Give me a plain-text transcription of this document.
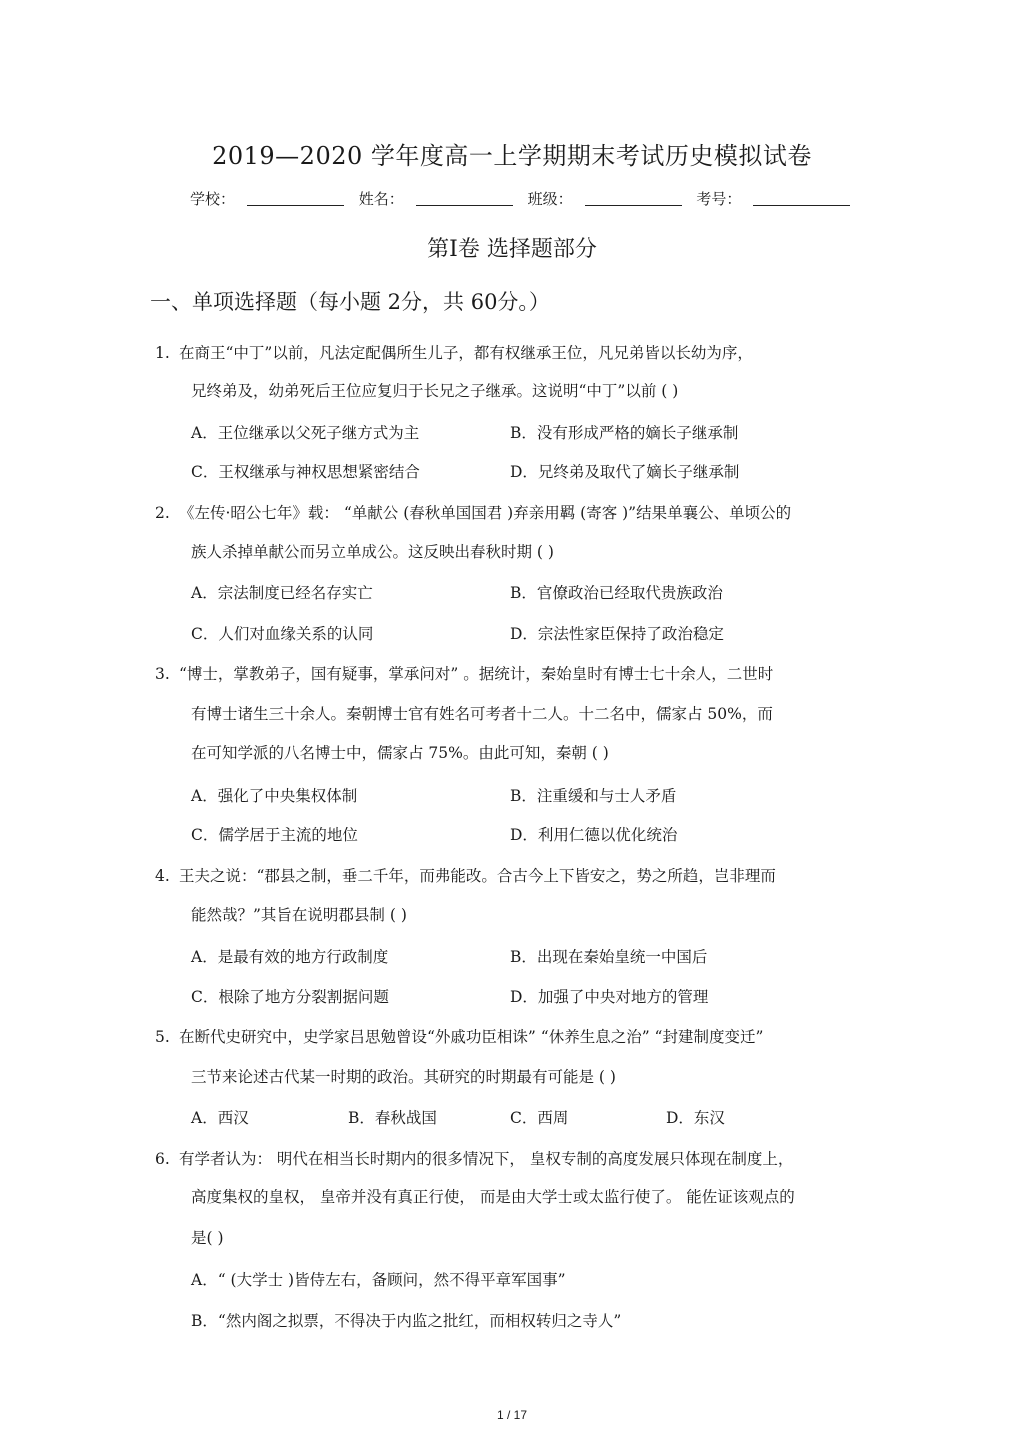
2019—2020 学年度高一上学期期末考试历史模拟试卷
学校：	姓名：	班级：	考号：
第Ⅰ卷 选择题部分
一、单项选择题（每小题 2分，共 60分。）
1. 在商王“中丁”以前，凡法定配偶所生儿子，都有权继承王位，凡兄弟皆以长幼为序，
兄终弟及，幼弟死后王位应复归于长兄之子继承。这说明“中丁”以前 ( )
A．王位继承以父死子继方式为主	B．没有形成严格的嫡长子继承制
C．王权继承与神权思想紧密结合	D．兄终弟及取代了嫡长子继承制
2. 《左传·昭公七年》载： “单献公 (春秋单国国君 )弃亲用羁 (寄客 )”结果单襄公、单顷公的
族人杀掉单献公而另立单成公。这反映出春秋时期 ( )
A．宗法制度已经名存实亡	B．官僚政治已经取代贵族政治
C．人们对血缘关系的认同	D．宗法性家臣保持了政治稳定
3. “博士，掌教弟子，国有疑事，掌承问对” 。据统计，秦始皇时有博士七十余人，二世时
有博士诸生三十余人。秦朝博士官有姓名可考者十二人。十二名中，儒家占 50%，而
在可知学派的八名博士中，儒家占 75%。由此可知，秦朝 ( )
A．强化了中央集权体制	B．注重缓和与士人矛盾
C．儒学居于主流的地位	D．利用仁德以优化统治
4. 王夫之说：“郡县之制，垂二千年，而弗能改。合古今上下皆安之，势之所趋，岂非理而
能然哉？”其旨在说明郡县制 ( )
A．是最有效的地方行政制度	B．出现在秦始皇统一中国后
C．根除了地方分裂割据问题	D．加强了中央对地方的管理
5. 在断代史研究中，史学家吕思勉曾设“外戚功臣相诛” “休养生息之治” “封建制度变迁”
三节来论述古代某一时期的政治。其研究的时期最有可能是 ( )
A．西汉	B．春秋战国	C．西周	D．东汉
6. 有学者认为： 明代在相当长时期内的很多情况下， 皇权专制的高度发展只体现在制度上，
高度集权的皇权， 皇帝并没有真正行使， 而是由大学士或太监行使了。 能佐证该观点的
是( )
A．“ (大学士 )皆侍左右，备顾问，然不得平章军国事”
B．“然内阁之拟票，不得决于内监之批红，而相权转归之寺人”
1 / 17
